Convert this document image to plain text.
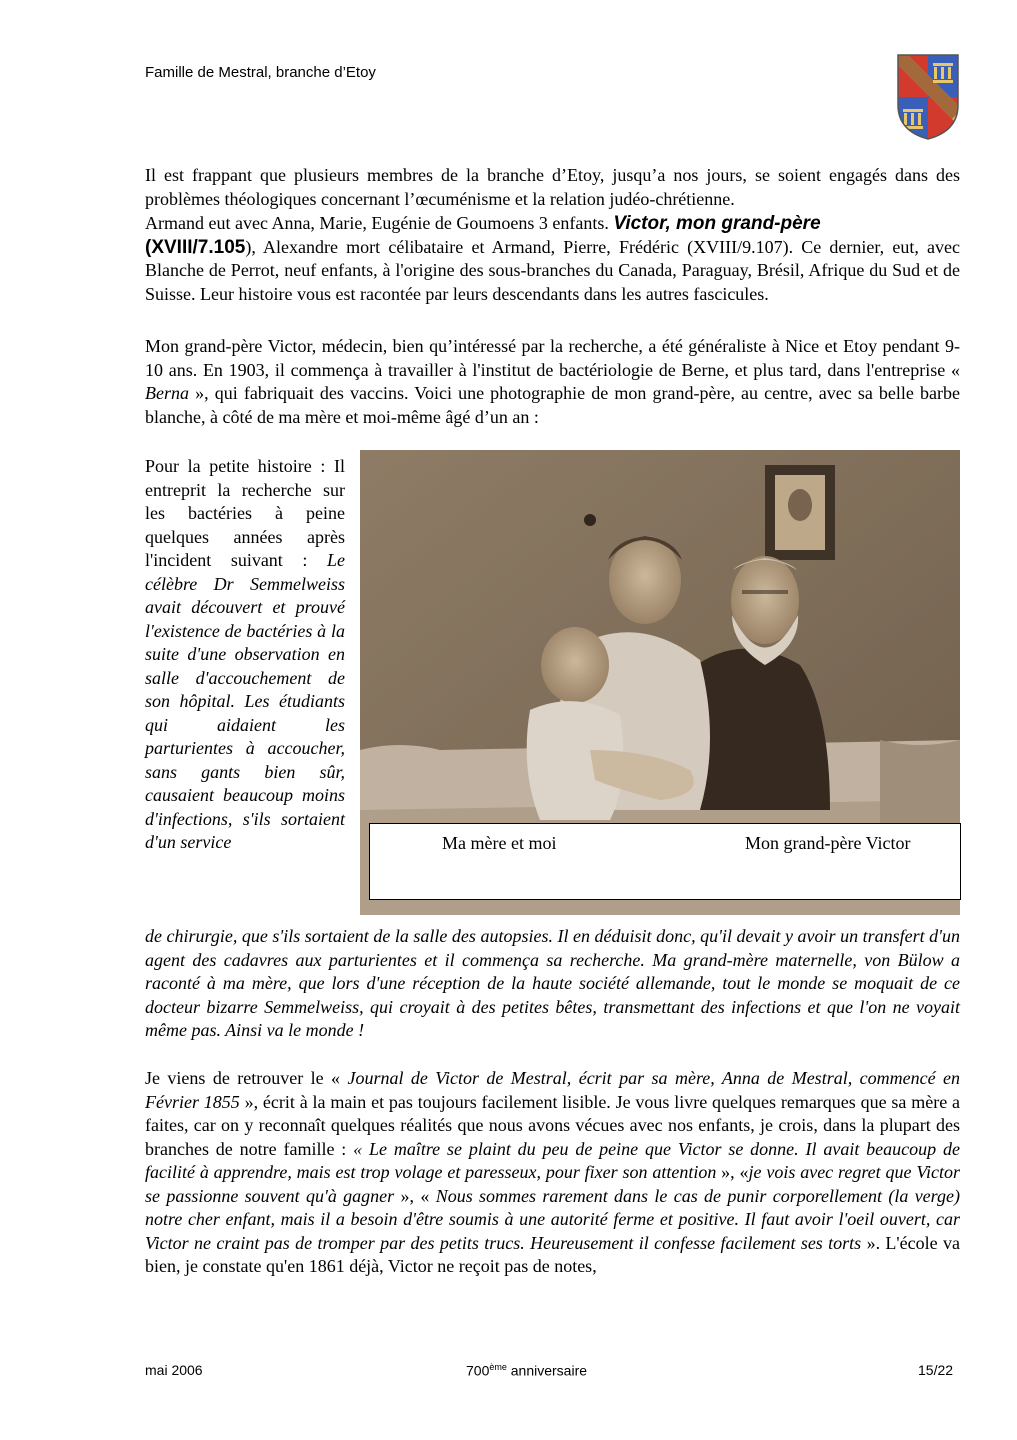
Famille de Mestral, branche d’Etoy

Il est frappant que plusieurs membres de la branche d’Etoy, jusqu’a nos jours, se soient engagés dans des problèmes théologiques concernant l’œcuménisme et la relation judéo-chrétienne.

Armand eut avec Anna, Marie, Eugénie de Goumoens 3 enfants. Victor, mon grand-père
(XVIII/7.105), Alexandre mort célibataire et Armand, Pierre, Frédéric (XVIII/9.107). Ce dernier, eut, avec Blanche de Perrot, neuf enfants, à l'origine des sous-branches du Canada, Paraguay, Brésil, Afrique du Sud et de Suisse. Leur histoire vous est racontée par leurs descendants dans les autres fascicules.

Mon grand-père Victor, médecin, bien qu’intéressé par la recherche, a été généraliste à Nice et Etoy pendant 9-10 ans. En 1903, il commença à travailler à l'institut de bactériologie de Berne, et plus tard, dans l'entreprise « Berna », qui fabriquait des vaccins. Voici une photographie de mon grand-père, au centre, avec sa belle barbe blanche, à côté de ma mère et moi-même âgé d’un an :

Pour la petite histoire : Il entreprit la recherche sur les bactéries à peine quelques années après l'incident suivant : Le célèbre Dr Semmelweiss avait découvert et prouvé l'existence de bactéries à la suite d'une observation en salle d'accouchement de son hôpital. Les étudiants qui aidaient les parturientes à accoucher, sans gants bien sûr, causaient beaucoup moins d'infections, s'ils sortaient d'un service	Ma mère et moi	Mon grand-père Victor

de chirurgie, que s'ils sortaient de la salle des autopsies. Il en déduisit donc, qu'il devait y avoir un transfert d'un agent des cadavres aux parturientes et il commença sa recherche. Ma grand-mère maternelle, von Bülow a raconté à ma mère, que lors d'une réception de la haute société allemande, tout le monde se moquait de ce docteur bizarre Semmelweiss, qui croyait à des petites bêtes, transmettant des infections et que l'on ne voyait même pas. Ainsi va le monde !

Je viens de retrouver le « Journal de Victor de Mestral, écrit par sa mère, Anna de Mestral, commencé en Février 1855 », écrit à la main et pas toujours facilement lisible. Je vous livre quelques remarques que sa mère a faites, car on y reconnaît quelques réalités que nous avons vécues avec nos enfants, je crois, dans la plupart des branches de notre famille : « Le maître se plaint du peu de peine que Victor se donne. Il avait beaucoup de facilité à apprendre, mais est trop volage et paresseux, pour fixer son attention », «je vois avec regret que Victor se passionne souvent qu'à gagner », « Nous sommes rarement dans le cas de punir corporellement (la verge) notre cher enfant, mais il a besoin d'être soumis à une autorité ferme et positive. Il faut avoir l'oeil ouvert, car Victor ne craint pas de tromper par des petits trucs. Heureusement il confesse facilement ses torts ». L'école va bien, je constate qu'en 1861 déjà, Victor ne reçoit pas de notes,

mai 2006	700ème anniversaire	15/22
